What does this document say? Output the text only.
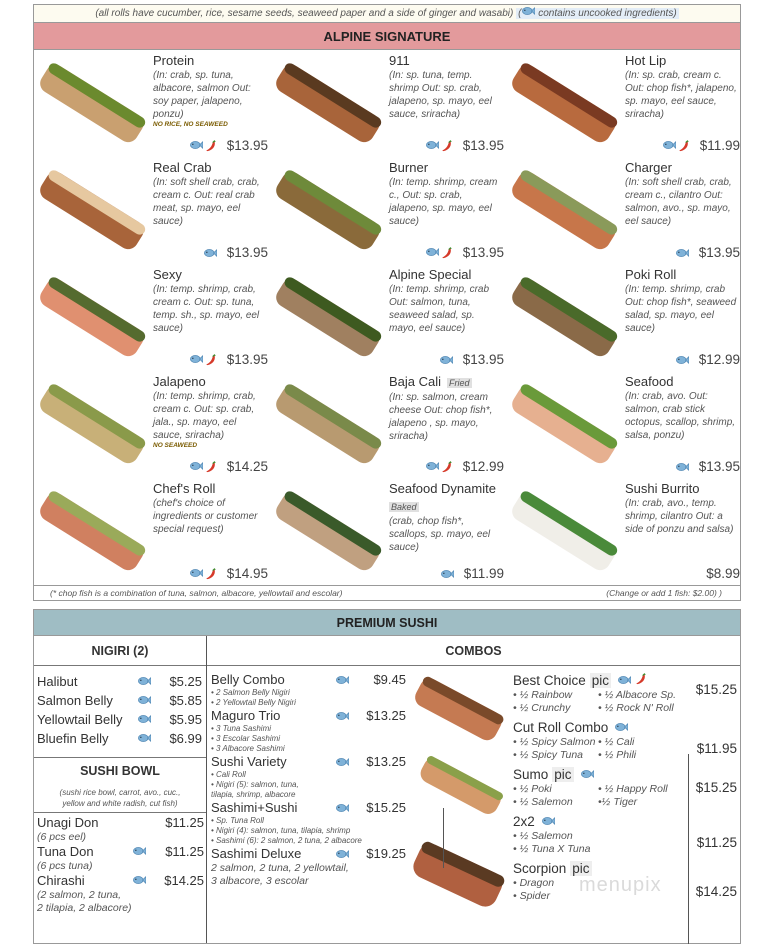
(all rolls have cucumber, rice, sesame seeds, seaweed paper and a side of ginger and wasabi) ( contains uncooked ingredients)
ALPINE SIGNATURE
Protein
(In: crab, sp. tuna, albacore, salmon Out: soy paper, jalapeno, ponzu)
NO RICE, NO SEAWEED
$13.95
911
(In: sp. tuna, temp. shrimp Out: sp. crab, jalapeno, sp. mayo, eel sauce, sriracha)
$13.95
Hot Lip
(In: sp. crab, cream c. Out: chop fish*, jalapeno, sp. mayo, eel sauce, sriracha)
$11.99
Real Crab
(In: soft shell crab, crab, cream c. Out: real crab meat, sp. mayo, eel sauce)
$13.95
Burner
(In: temp. shrimp, cream c., Out: sp. crab, jalapeno, sp. mayo, eel sauce)
$13.95
Charger
(In: soft shell crab, crab, cream c., cilantro Out: salmon, avo., sp. mayo, eel sauce)
$13.95
Sexy
(In: temp. shrimp, crab, cream c. Out: sp. tuna, temp. sh., sp. mayo, eel sauce)
$13.95
Alpine Special
(In: temp. shrimp, crab Out: salmon, tuna, seaweed salad, sp. mayo, eel sauce)
$13.95
Poki Roll
(In: temp. shrimp, crab Out: chop fish*, seaweed salad, sp. mayo, eel sauce)
$12.99
Jalapeno
(In: temp. shrimp, crab, cream c. Out: sp. crab, jala., sp. mayo, eel sauce, sriracha)
NO SEAWEED
$14.25
Baja Cali Fried
(In: sp. salmon, cream cheese Out: chop fish*, jalapeno , sp. mayo, sriracha)
$12.99
Seafood
(In: crab, avo. Out: salmon, crab stick octopus, scallop, shrimp, salsa, ponzu)
$13.95
Chef's Roll
(chef's choice of ingredients or customer special request)
$14.95
Seafood Dynamite
Baked
(crab, chop fish*, scallops, sp. mayo, eel sauce)
$11.99
Sushi Burrito
(In: crab, avo., temp. shrimp, cilantro Out: a side of ponzu and salsa)
$8.99
(* chop fish is a combination of tuna, salmon, albacore, yellowtail and escolar)	(Change or add 1 fish: $2.00) )
PREMIUM SUSHI
NIGIRI (2)
Halibut	$5.25
Salmon Belly	$5.85
Yellowtail Belly	$5.95
Bluefin Belly	$6.99
SUSHI BOWL
(sushi rice bowl, carrot, avo., cuc.,
yellow and white radish, cut fish)
Unagi Don	$11.25
(6 pcs eel)
Tuna Don	$11.25
(6 pcs tuna)
Chirashi	$14.25
(2 salmon, 2 tuna,
2 tilapia, 2 albacore)
COMBOS
Belly Combo	$9.45
• 2 Salmon Belly Nigiri
• 2 Yellowtail Belly Nigiri
Maguro Trio	$13.25
• 3 Tuna Sashimi
• 3 Escolar Sashimi
• 3 Albacore Sashimi
Sushi Variety	$13.25
• Cali Roll
• Nigiri (5): salmon, tuna,
tilapia, shrimp, albacore
Sashimi+Sushi	$15.25
• Sp. Tuna Roll
• Nigiri (4): salmon, tuna, tilapia, shrimp
• Sashimi (6): 2 salmon, 2 tuna, 2 albacore
Sashimi Deluxe	$19.25
2 salmon, 2 tuna, 2 yellowtail,
3 albacore, 3 escolar
Best Choice pic
• ½ Rainbow • ½ Albacore Sp.
• ½ Crunchy	• ½ Rock N' Roll
$15.25
Cut Roll Combo
• ½ Spicy Salmon • ½ Cali
• ½ Spicy Tuna • ½ Phili	$11.95
Sumo pic
• ½ Poki	• ½ Happy Roll
• ½ Salemon •½ Tiger
$15.25
2x2
• ½ Salemon
• ½ Tuna X Tuna	$11.25
Scorpion pic
• Dragon
• Spider	$14.25
menupix
